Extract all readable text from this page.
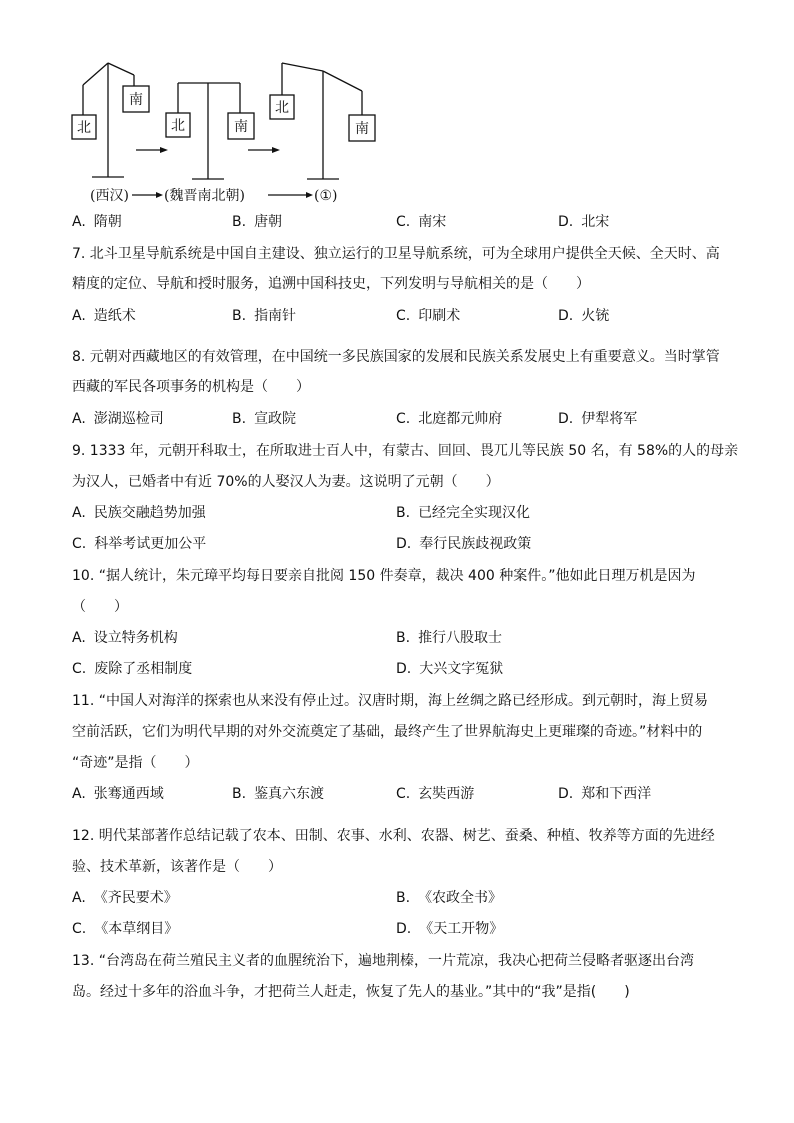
北
南
北	南
北
南
(西汉)	(魏晋南北朝)	(①)
A. 隋朝	B. 唐朝	C. 南宋	D. 北宋
7. 北斗卫星导航系统是中国自主建设、独立运行的卫星导航系统，可为全球用户提供全天候、全天时、高
精度的定位、导航和授时服务，追溯中国科技史，下列发明与导航相关的是（　　）
A. 造纸术	B. 指南针	C. 印刷术	D. 火铳
8. 元朝对西藏地区的有效管理，在中国统一多民族国家的发展和民族关系发展史上有重要意义。当时掌管
西藏的军民各项事务的机构是（　　）
A. 澎湖巡检司	B. 宣政院	C. 北庭都元帅府	D. 伊犁将军
9. 1333 年，元朝开科取士，在所取进士百人中，有蒙古、回回、畏兀儿等民族 50 名，有 58%的人的母亲
为汉人，已婚者中有近 70%的人娶汉人为妻。这说明了元朝（　　）
A. 民族交融趋势加强	B. 已经完全实现汉化
C. 科举考试更加公平	D. 奉行民族歧视政策
10. “据人统计，朱元璋平均每日要亲自批阅 150 件奏章，裁决 400 种案件。”他如此日理万机是因为
（　　）
A. 设立特务机构	B. 推行八股取士
C. 废除了丞相制度	D. 大兴文字冤狱
11. “中国人对海洋的探索也从来没有停止过。汉唐时期，海上丝绸之路已经形成。到元朝时，海上贸易
空前活跃，它们为明代早期的对外交流奠定了基础，最终产生了世界航海史上更璀璨的奇迹。”材料中的
“奇迹”是指（　　）
A. 张骞通西域	B. 鉴真六东渡	C. 玄奘西游	D. 郑和下西洋
12. 明代某部著作总结记载了农本、田制、农事、水利、农器、树艺、蚕桑、种植、牧养等方面的先进经
验、技术革新，该著作是（　　）
A. 《齐民要术》	B. 《农政全书》
C. 《本草纲目》	D. 《天工开物》
13. “台湾岛在荷兰殖民主义者的血腥统治下，遍地荆榛，一片荒凉，我决心把荷兰侵略者驱逐出台湾
岛。经过十多年的浴血斗争，才把荷兰人赶走，恢复了先人的基业。”其中的“我”是指(　　)
